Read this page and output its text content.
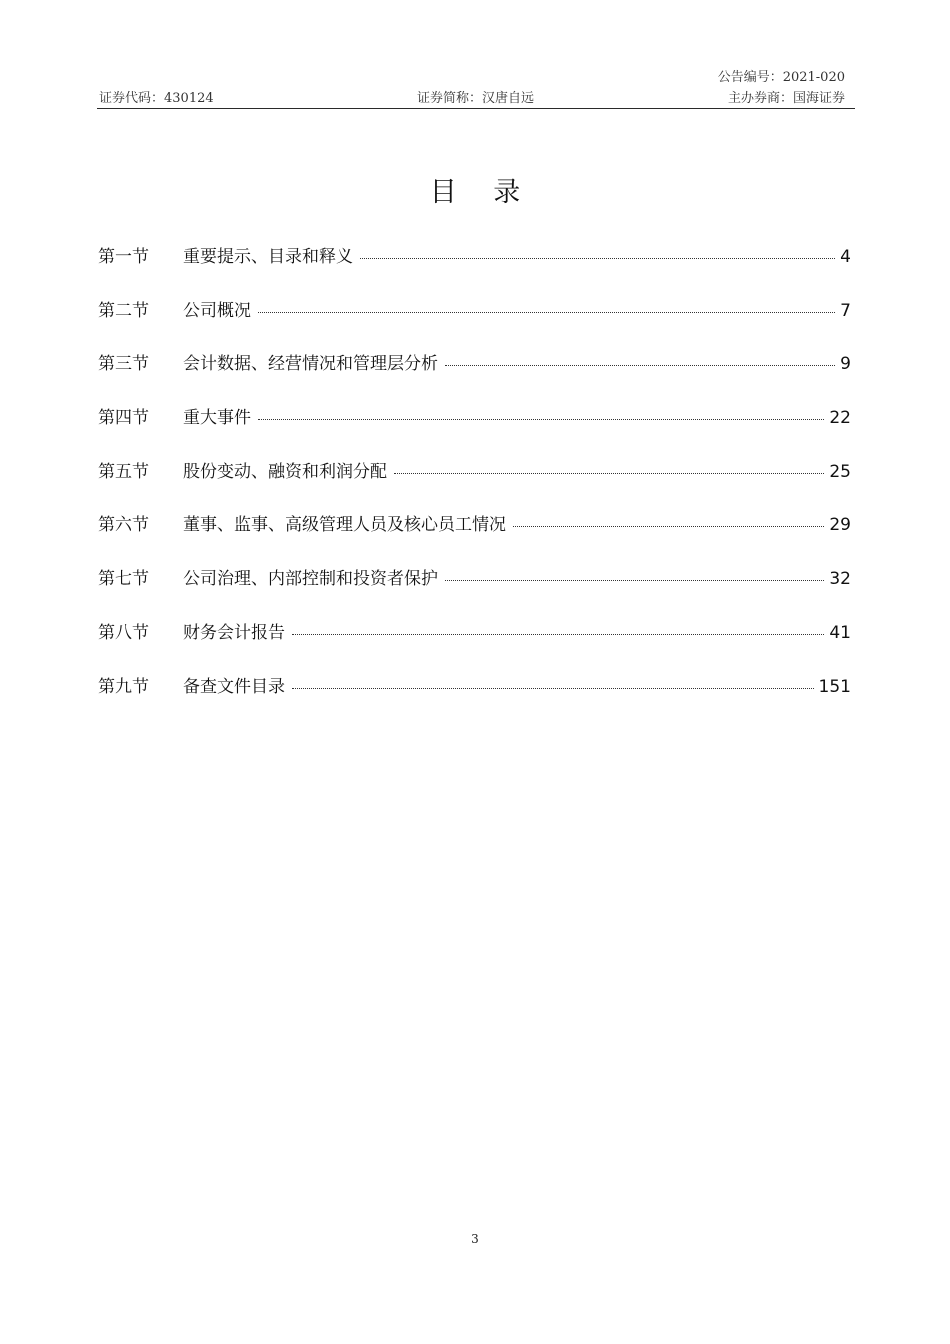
公告编号：2021-020
证券代码：430124	证券简称：汉唐自远	主办券商：国海证券
目 录
第一节	重要提示、目录和释义	4
第二节	公司概况	7
第三节	会计数据、经营情况和管理层分析	9
第四节	重大事件	22
第五节	股份变动、融资和利润分配	25
第六节	董事、监事、高级管理人员及核心员工情况	29
第七节	公司治理、内部控制和投资者保护	32
第八节	财务会计报告	41
第九节	备查文件目录	151
3
